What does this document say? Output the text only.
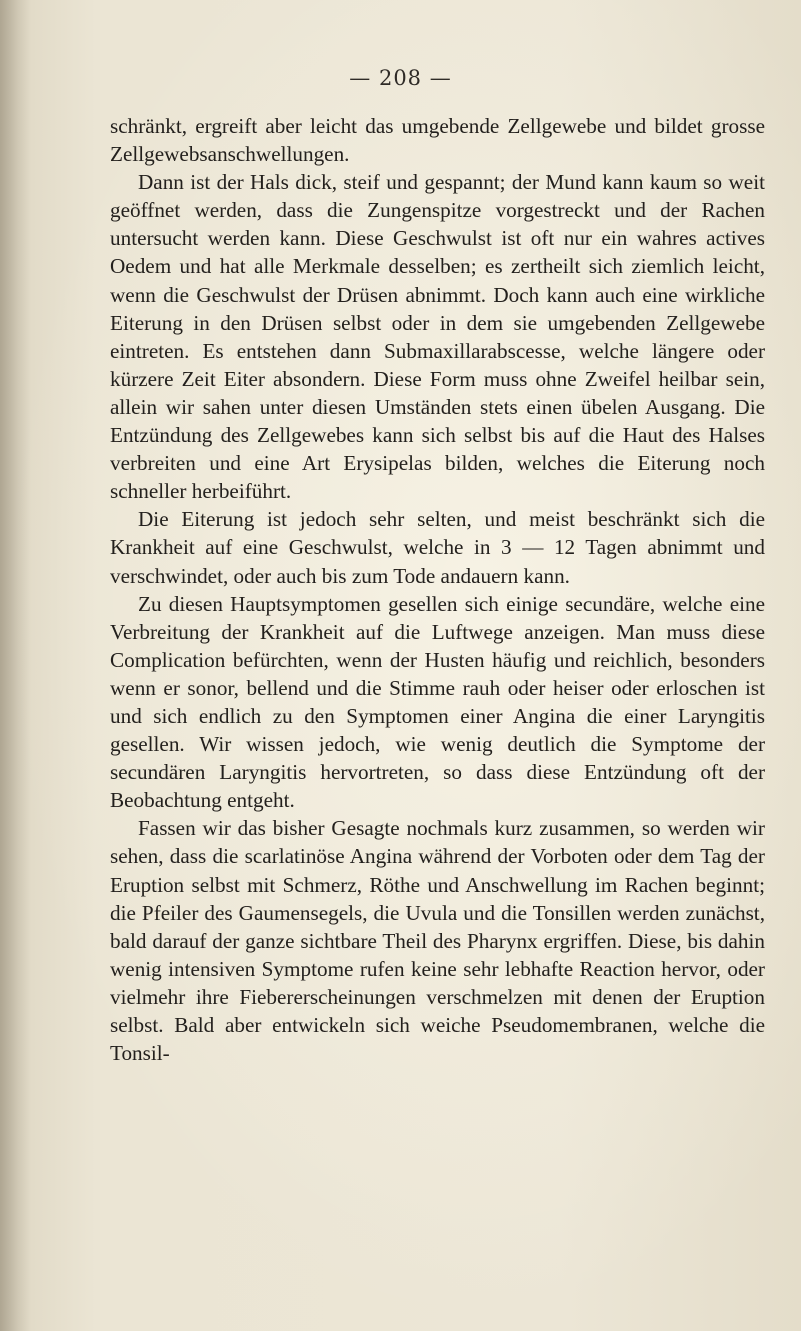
— 208 —

schränkt, ergreift aber leicht das umgebende Zellgewebe und bildet grosse Zellgewebsanschwellungen.

Dann ist der Hals dick, steif und gespannt; der Mund kann kaum so weit geöffnet werden, dass die Zungenspitze vorgestreckt und der Rachen untersucht werden kann. Diese Geschwulst ist oft nur ein wahres actives Oedem und hat alle Merkmale desselben; es zertheilt sich ziemlich leicht, wenn die Geschwulst der Drüsen abnimmt. Doch kann auch eine wirkliche Eiterung in den Drüsen selbst oder in dem sie umgebenden Zellgewebe eintreten. Es entstehen dann Submaxillarabscesse, welche längere oder kürzere Zeit Eiter absondern. Diese Form muss ohne Zweifel heilbar sein, allein wir sahen unter diesen Umständen stets einen übelen Ausgang. Die Entzündung des Zellgewebes kann sich selbst bis auf die Haut des Halses verbreiten und eine Art Erysipelas bilden, welches die Eiterung noch schneller herbeiführt.

Die Eiterung ist jedoch sehr selten, und meist beschränkt sich die Krankheit auf eine Geschwulst, welche in 3 — 12 Tagen abnimmt und verschwindet, oder auch bis zum Tode andauern kann.

Zu diesen Hauptsymptomen gesellen sich einige secundäre, welche eine Verbreitung der Krankheit auf die Luftwege anzeigen. Man muss diese Complication befürchten, wenn der Husten häufig und reichlich, besonders wenn er sonor, bellend und die Stimme rauh oder heiser oder erloschen ist und sich endlich zu den Symptomen einer Angina die einer Laryngitis gesellen. Wir wissen jedoch, wie wenig deutlich die Symptome der secundären Laryngitis hervortreten, so dass diese Entzündung oft der Beobachtung entgeht.

Fassen wir das bisher Gesagte nochmals kurz zusammen, so werden wir sehen, dass die scarlatinöse Angina während der Vorboten oder dem Tag der Eruption selbst mit Schmerz, Röthe und Anschwellung im Rachen beginnt; die Pfeiler des Gaumensegels, die Uvula und die Tonsillen werden zunächst, bald darauf der ganze sichtbare Theil des Pharynx ergriffen. Diese, bis dahin wenig intensiven Symptome rufen keine sehr lebhafte Reaction hervor, oder vielmehr ihre Fiebererscheinungen verschmelzen mit denen der Eruption selbst. Bald aber entwickeln sich weiche Pseudomembranen, welche die Tonsil-
